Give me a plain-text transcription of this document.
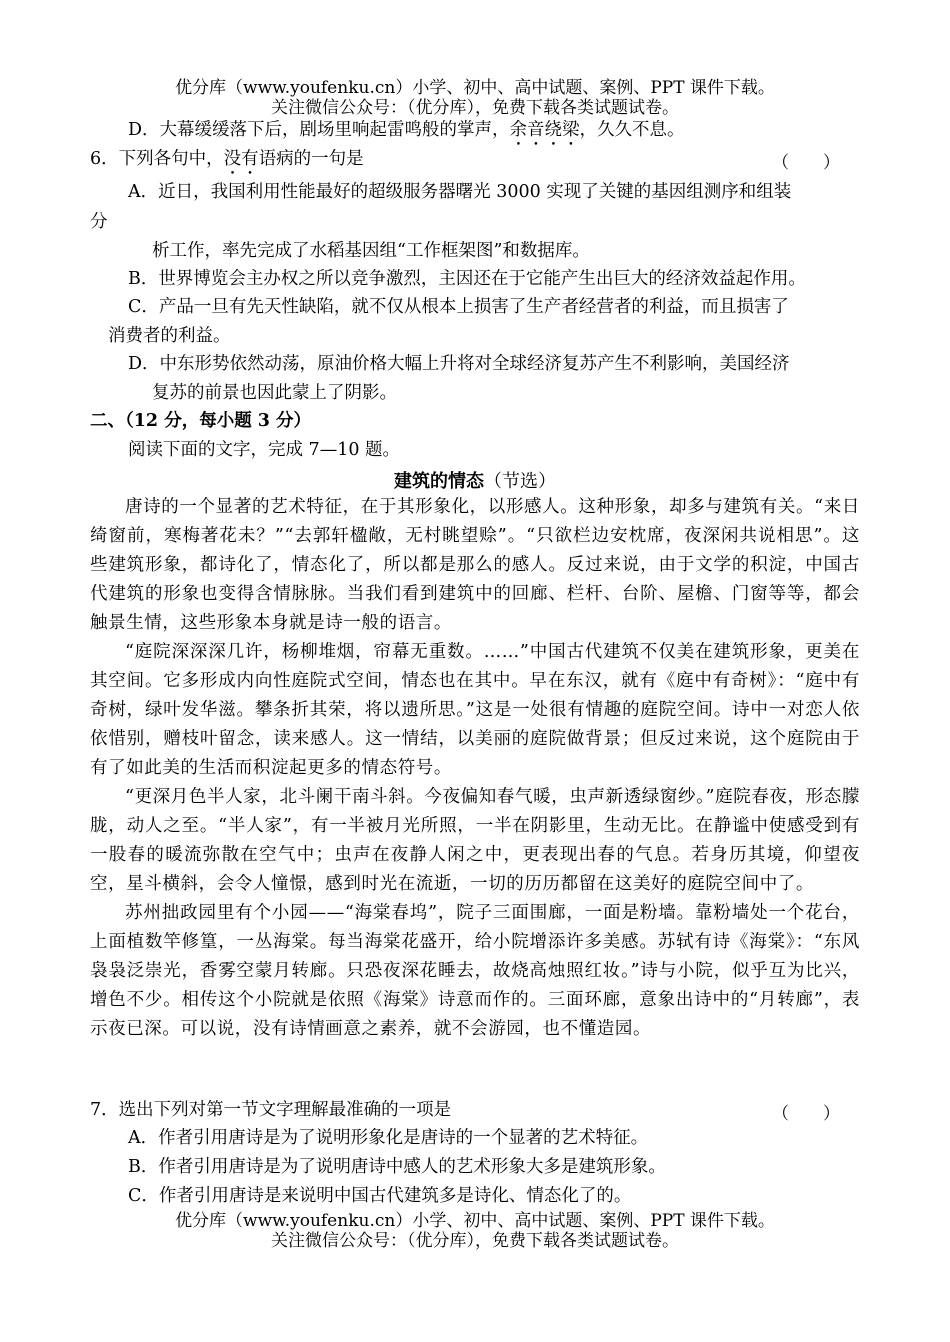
优分库（www.youfenku.cn）小学、初中、高中试题、案例、PPT 课件下载。
关注微信公众号：（优分库），免费下载各类试题试卷。
D．大幕缓缓落下后，剧场里响起雷鸣般的掌声，余音绕梁，久久不息。
6．下列各句中，没有语病的一句是	（　　）
A．近日，我国利用性能最好的超级服务器曙光 3000 实现了关键的基因组测序和组装
分
析工作，率先完成了水稻基因组“工作框架图”和数据库。
B．世界博览会主办权之所以竞争激烈，主因还在于它能产生出巨大的经济效益起作用。
C．产品一旦有先天性缺陷，就不仅从根本上损害了生产者经营者的利益，而且损害了
消费者的利益。
D．中东形势依然动荡，原油价格大幅上升将对全球经济复苏产生不利影响，美国经济
复苏的前景也因此蒙上了阴影。
二、（12 分，每小题 3 分）
阅读下面的文字，完成 7—10 题。
建筑的情态（节选）

唐诗的一个显著的艺术特征，在于其形象化，以形感人。这种形象，却多与建筑有关。“来日绮窗前，寒梅著花未？”“去郭轩楹敞，无村眺望赊”。“只欲栏边安枕席，夜深闲共说相思”。这些建筑形象，都诗化了，情态化了，所以都是那么的感人。反过来说，由于文学的积淀，中国古代建筑的形象也变得含情脉脉。当我们看到建筑中的回廊、栏杆、台阶、屋檐、门窗等等，都会触景生情，这些形象本身就是诗一般的语言。

“庭院深深深几许，杨柳堆烟，帘幕无重数。……”中国古代建筑不仅美在建筑形象，更美在其空间。它多形成内向性庭院式空间，情态也在其中。早在东汉，就有《庭中有奇树》：“庭中有奇树，绿叶发华滋。攀条折其荣，将以遗所思。”这是一处很有情趣的庭院空间。诗中一对恋人依依惜别，赠枝叶留念，读来感人。这一情结，以美丽的庭院做背景；但反过来说，这个庭院由于有了如此美的生活而积淀起更多的情态符号。

“更深月色半人家，北斗阑干南斗斜。今夜偏知春气暖，虫声新透绿窗纱。”庭院春夜，形态朦胧，动人之至。“半人家”，有一半被月光所照，一半在阴影里，生动无比。在静谧中使感受到有一股春的暖流弥散在空气中；虫声在夜静人闲之中，更表现出春的气息。若身历其境，仰望夜空，星斗横斜，会令人憧憬，感到时光在流逝，一切的历历都留在这美好的庭院空间中了。

苏州拙政园里有个小园——“海棠春坞”，院子三面围廊，一面是粉墙。靠粉墙处一个花台，上面植数竿修篁，一丛海棠。每当海棠花盛开，给小院增添许多美感。苏轼有诗《海棠》：“东风袅袅泛崇光，香雾空蒙月转廊。只恐夜深花睡去，故烧高烛照红妆。”诗与小院，似乎互为比兴，增色不少。相传这个小院就是依照《海棠》诗意而作的。三面环廊，意象出诗中的“月转廊”，表示夜已深。可以说，没有诗情画意之素养，就不会游园，也不懂造园。

7．选出下列对第一节文字理解最准确的一项是	（　　）
A．作者引用唐诗是为了说明形象化是唐诗的一个显著的艺术特征。
B．作者引用唐诗是为了说明唐诗中感人的艺术形象大多是建筑形象。
C．作者引用唐诗是来说明中国古代建筑多是诗化、情态化了的。
优分库（www.youfenku.cn）小学、初中、高中试题、案例、PPT 课件下载。
关注微信公众号：（优分库），免费下载各类试题试卷。
